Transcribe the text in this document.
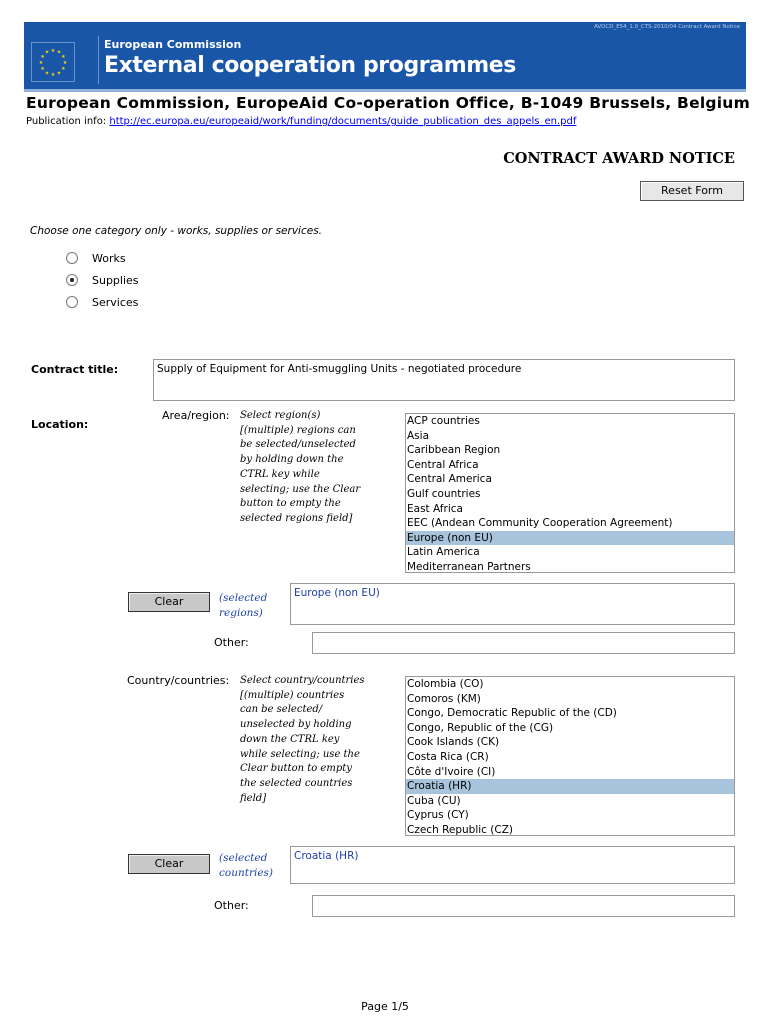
AVOCD_E54_1.0_CTS-2010/04 Contract Award Notice
★
★
★
★
★
★
★
★
★ ★ ★
★
European Commission
External cooperation programmes
European Commission, EuropeAid Co-operation Office, B-1049 Brussels, Belgium
Publication info: http://ec.europa.eu/europeaid/work/funding/documents/guide_publication_des_appels_en.pdf
CONTRACT AWARD NOTICE
Reset Form
Choose one category only - works, supplies or services.
Works
Supplies
Services
Contract title:	Supply of Equipment for Anti-smuggling Units - negotiated procedure
Location:
Area/region: Select region(s)
[(multiple) regions can
be selected/unselected
by holding down the
CTRL key while
selecting; use the Clear
button to empty the
selected regions field]
ACP countries
Asia
Caribbean Region
Central Africa
Central America
Gulf countries
East Africa
EEC (Andean Community Cooperation Agreement)
Europe (non EU)
Latin America
Mediterranean Partners
Clear	(selected
regions)
Europe (non EU)
Other:
Country/countries: Select country/countries
[(multiple) countries
can be selected/
unselected by holding
down the CTRL key
while selecting; use the
Clear button to empty
the selected countries
field]
Colombia (CO)
Comoros (KM)
Congo, Democratic Republic of the (CD)
Congo, Republic of the (CG)
Cook Islands (CK)
Costa Rica (CR)
Côte d'Ivoire (CI)
Croatia (HR)
Cuba (CU)
Cyprus (CY)
Czech Republic (CZ)
Clear	(selected
countries)
Croatia (HR)
Other:
Page 1/5
